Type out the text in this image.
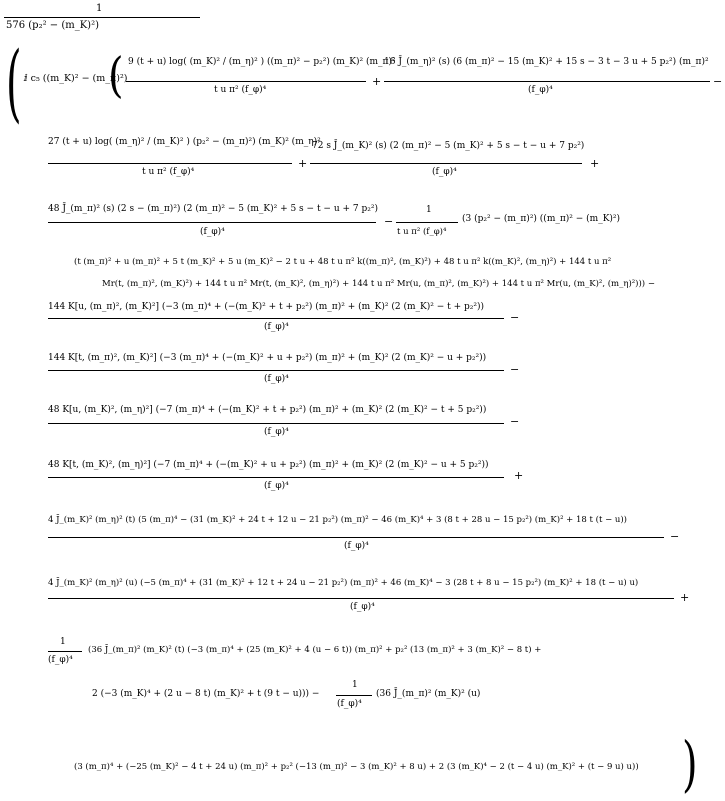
1
576 (p₂² − (m_K)²)
(
)
ⅈ c₅ ((m_K)² − (m_π)²)
( 9 (t + u) log( (m_K)² / (m_η)² ) ((m_π)² − p₂²) (m_K)² (m_π)²
t u π² (f_φ)⁴
+
16 J̄_(m_η)² (s) (6 (m_π)² − 15 (m_K)² + 15 s − 3 t − 3 u + 5 p₂²) (m_π)²
(f_φ)⁴
−
27 (t + u) log( (m_η)² / (m_K)² ) (p₂² − (m_π)²) (m_K)² (m_η)²
t u π² (f_φ)⁴
+
72 s J̄_(m_K)² (s) (2 (m_π)² − 5 (m_K)² + 5 s − t − u + 7 p₂²)
(f_φ)⁴
+
48 J̄_(m_π)² (s) (2 s − (m_π)²) (2 (m_π)² − 5 (m_K)² + 5 s − t − u + 7 p₂²)
(f_φ)⁴
−
1
t u π² (f_φ)⁴
(3 (p₂² − (m_π)²) ((m_π)² − (m_K)²)
(t (m_π)² + u (m_π)² + 5 t (m_K)² + 5 u (m_K)² − 2 t u + 48 t u π² k((m_π)², (m_K)²) + 48 t u π² k((m_K)², (m_η)²) + 144 t u π²
Mr(t, (m_π)², (m_K)²) + 144 t u π² Mr(t, (m_K)², (m_η)²) + 144 t u π² Mr(u, (m_π)², (m_K)²) + 144 t u π² Mr(u, (m_K)², (m_η)²))) −
144 K[u, (m_π)², (m_K)²] (−3 (m_π)⁴ + (−(m_K)² + t + p₂²) (m_π)² + (m_K)² (2 (m_K)² − t + p₂²))
(f_φ)⁴
−
144 K[t, (m_π)², (m_K)²] (−3 (m_π)⁴ + (−(m_K)² + u + p₂²) (m_π)² + (m_K)² (2 (m_K)² − u + p₂²))
(f_φ)⁴
−
48 K[u, (m_K)², (m_η)²] (−7 (m_π)⁴ + (−(m_K)² + t + p₂²) (m_π)² + (m_K)² (2 (m_K)² − t + 5 p₂²))
(f_φ)⁴
−
48 K[t, (m_K)², (m_η)²] (−7 (m_π)⁴ + (−(m_K)² + u + p₂²) (m_π)² + (m_K)² (2 (m_K)² − u + 5 p₂²))
(f_φ)⁴
+
4 J̄_(m_K)² (m_η)² (t) (5 (m_π)⁴ − (31 (m_K)² + 24 t + 12 u − 21 p₂²) (m_π)² − 46 (m_K)⁴ + 3 (8 t + 28 u − 15 p₂²) (m_K)² + 18 t (t − u))
(f_φ)⁴
−
4 J̄_(m_K)² (m_η)² (u) (−5 (m_π)⁴ + (31 (m_K)² + 12 t + 24 u − 21 p₂²) (m_π)² + 46 (m_K)⁴ − 3 (28 t + 8 u − 15 p₂²) (m_K)² + 18 (t − u) u)
(f_φ)⁴
+
1
(f_φ)⁴
(36 J̄_(m_π)² (m_K)² (t) (−3 (m_π)⁴ + (25 (m_K)² + 4 (u − 6 t)) (m_π)² + p₂² (13 (m_π)² + 3 (m_K)² − 8 t) +
2 (−3 (m_K)⁴ + (2 u − 8 t) (m_K)² + t (9 t − u))) −
1
(f_φ)⁴
(36 J̄_(m_π)² (m_K)² (u)
(3 (m_π)⁴ + (−25 (m_K)² − 4 t + 24 u) (m_π)² + p₂² (−13 (m_π)² − 3 (m_K)² + 8 u) + 2 (3 (m_K)⁴ − 2 (t − 4 u) (m_K)² + (t − 9 u) u))
